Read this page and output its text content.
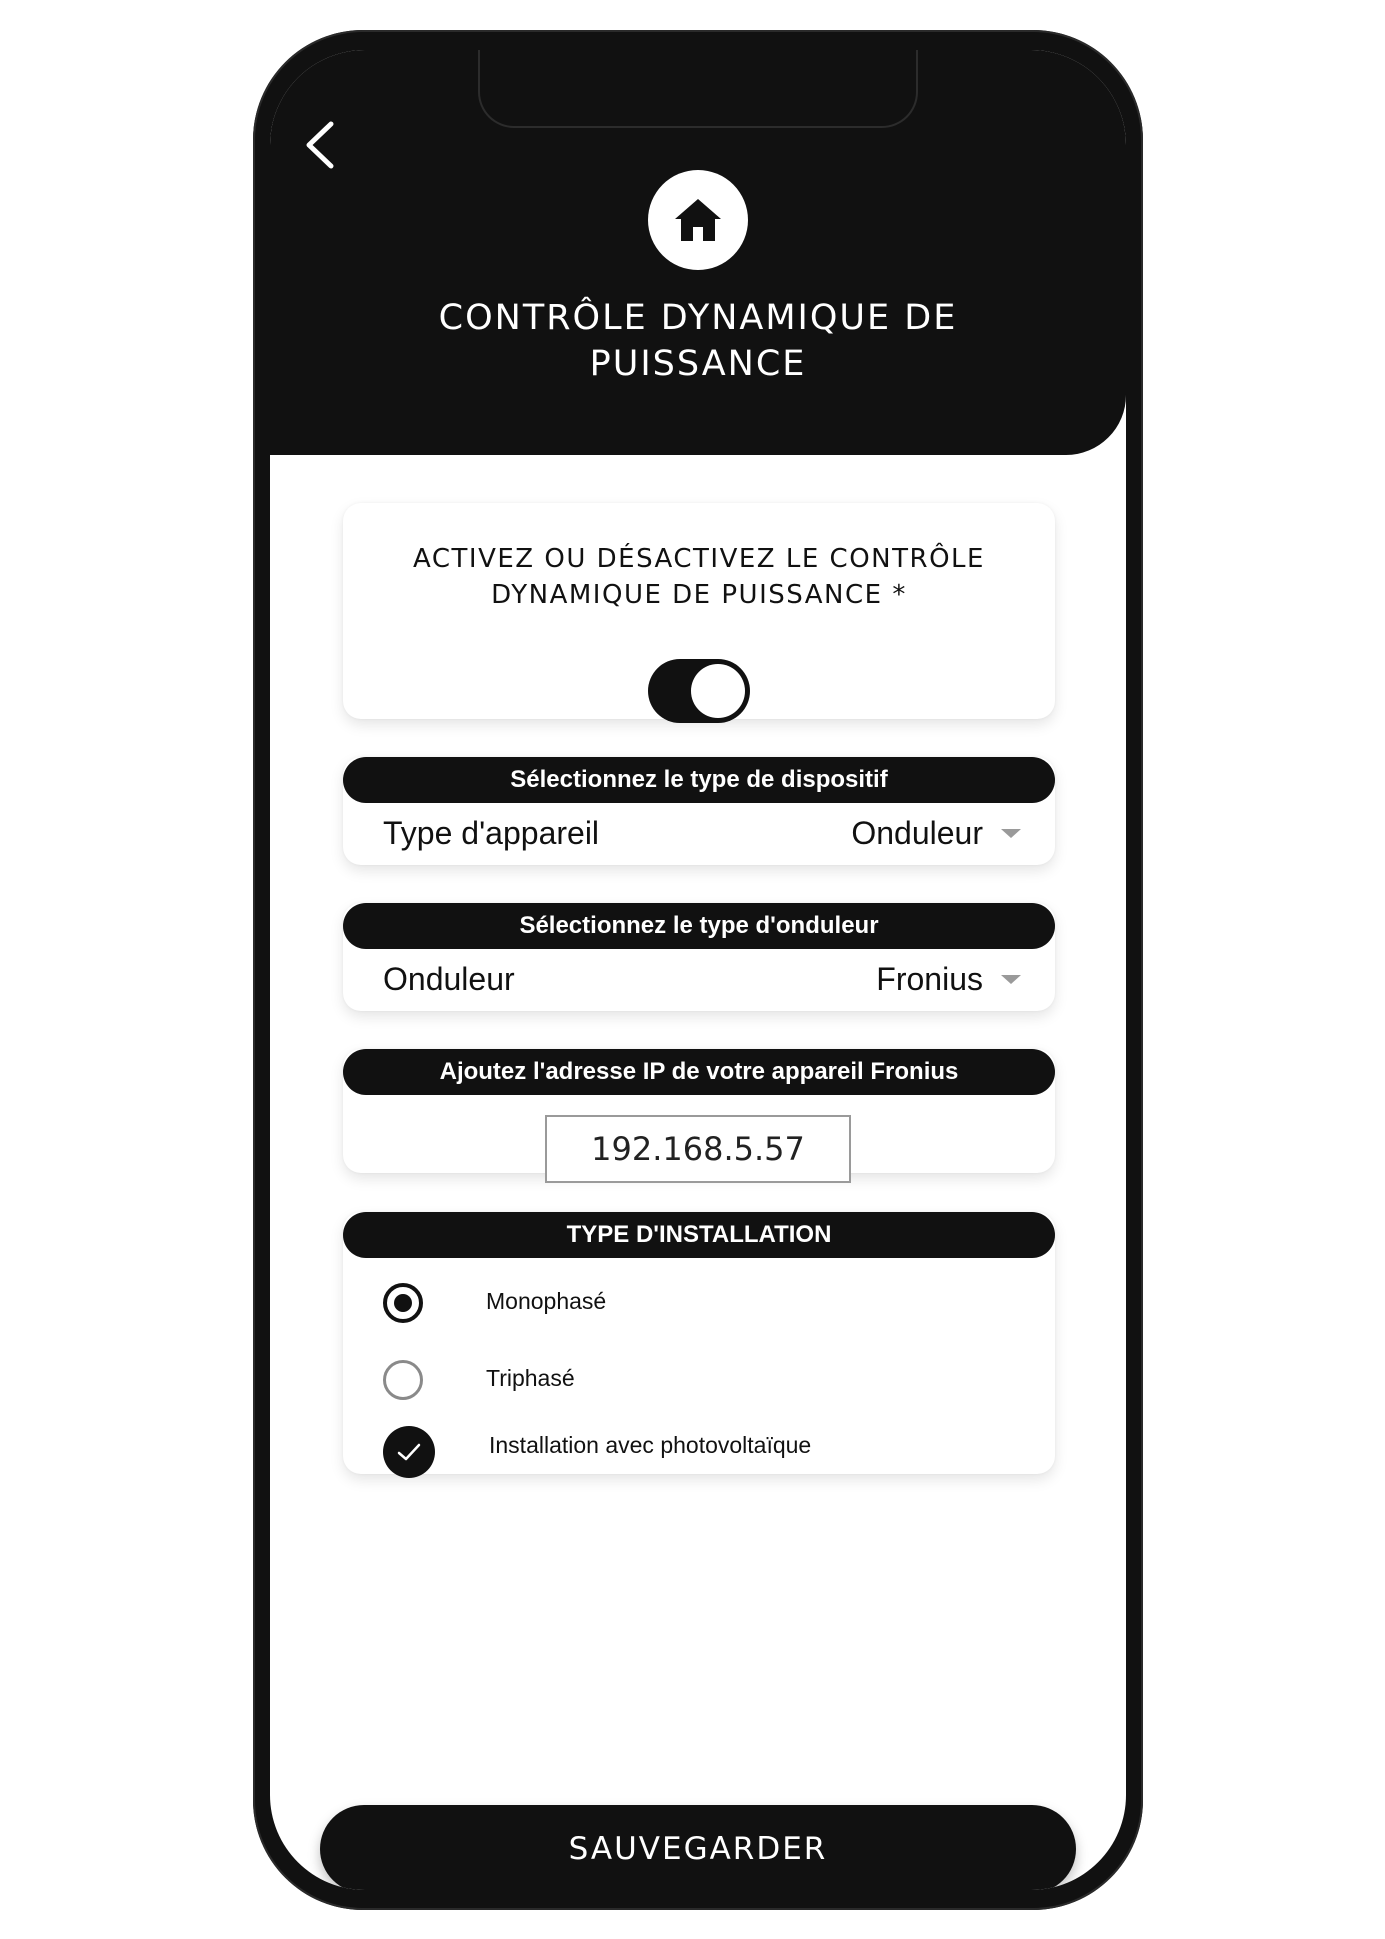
CONTRÔLE DYNAMIQUE DE PUISSANCE
ACTIVEZ OU DÉSACTIVEZ LE CONTRÔLE DYNAMIQUE DE PUISSANCE *
Sélectionnez le type de dispositif
Type d'appareil	Onduleur
Sélectionnez le type d'onduleur
Onduleur	Fronius
Ajoutez l'adresse IP de votre appareil Fronius
192.168.5.57
TYPE D'INSTALLATION
Monophasé
Triphasé
Installation avec photovoltaïque
SAUVEGARDER
